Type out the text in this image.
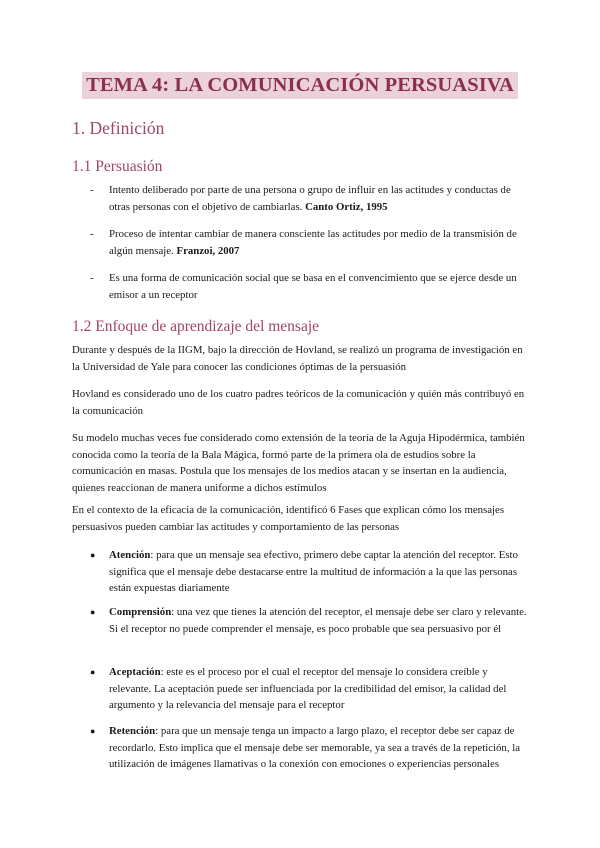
TEMA 4: LA COMUNICACIÓN PERSUASIVA
1. Definición
1.1 Persuasión
- Intento deliberado por parte de una persona o grupo de influir en las actitudes y conductas de otras personas con el objetivo de cambiarlas. Canto Ortiz, 1995
- Proceso de intentar cambiar de manera consciente las actitudes por medio de la transmisión de algún mensaje. Franzoi, 2007
- Es una forma de comunicación social que se basa en el convencimiento que se ejerce desde un emisor a un receptor
1.2 Enfoque de aprendizaje del mensaje

Durante y después de la IIGM, bajo la dirección de Hovland, se realizó un programa de investigación en la Universidad de Yale para conocer las condiciones óptimas de la persuasión

Hovland es considerado uno de los cuatro padres teóricos de la comunicación y quién más contribuyó en la comunicación

Su modelo muchas veces fue considerado como extensión de la teoría de la Aguja Hipodérmica, también conocida como la teoría de la Bala Mágica, formó parte de la primera ola de estudios sobre la comunicación en masas. Postula que los mensajes de los medios atacan y se insertan en la audiencia, quienes reaccionan de manera uniforme a dichos estímulos

En el contexto de la eficacia de la comunicación, identificó 6 Fases que explican cómo los mensajes persuasivos pueden cambiar las actitudes y comportamiento de las personas

● Atención: para que un mensaje sea efectivo, primero debe captar la atención del receptor. Esto significa que el mensaje debe destacarse entre la multitud de información a la que las personas están expuestas diariamente
● Comprensión: una vez que tienes la atención del receptor, el mensaje debe ser claro y relevante. Si el receptor no puede comprender el mensaje, es poco probable que sea persuasivo por él
● Aceptación: este es el proceso por el cual el receptor del mensaje lo considera creíble y relevante. La aceptación puede ser influenciada por la credibilidad del emisor, la calidad del argumento y la relevancia del mensaje para el receptor
● Retención: para que un mensaje tenga un impacto a largo plazo, el receptor debe ser capaz de recordarlo. Esto implica que el mensaje debe ser memorable, ya sea a través de la repetición, la utilización de imágenes llamativas o la conexión con emociones o experiencias personales
